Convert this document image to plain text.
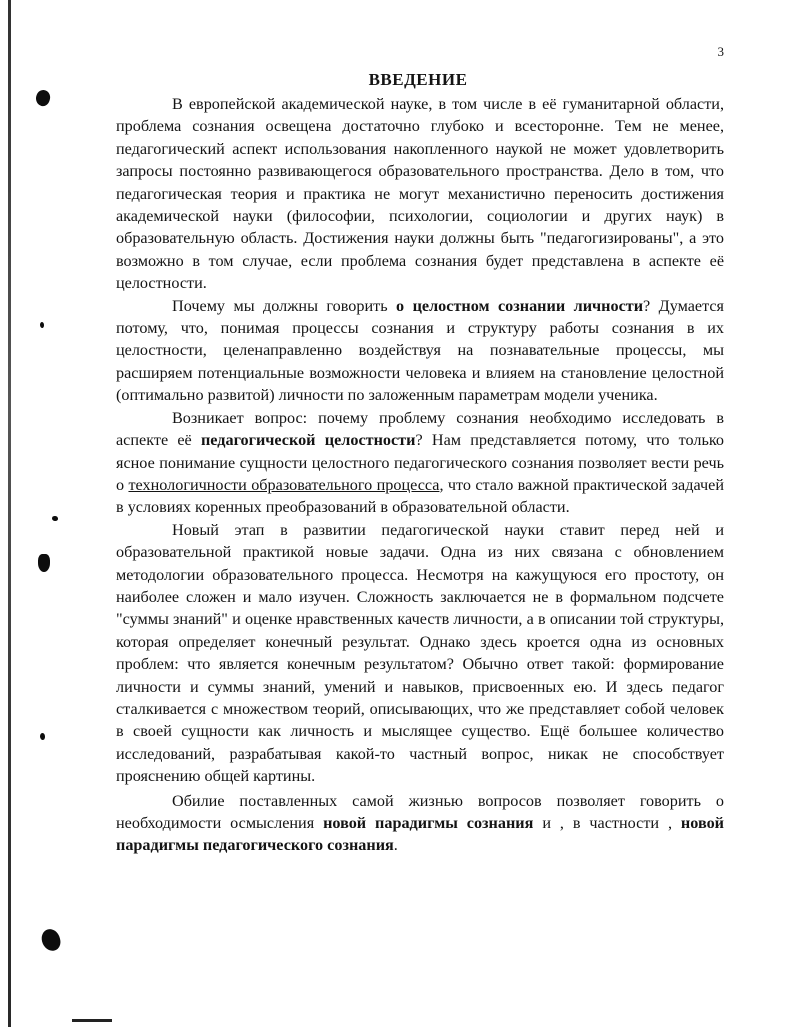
3
ВВЕДЕНИЕ

В европейской академической науке, в том числе в её гуманитарной области, проблема сознания освещена достаточно глубоко и всесторонне. Тем не менее, педагогический аспект использования накопленного наукой не может удовлетворить запросы постоянно развивающегося образовательного пространства. Дело в том, что педагогическая теория и практика не могут механистично переносить достижения академической науки (философии, психологии, социологии и других наук) в образовательную область. Достижения науки должны быть "педагогизированы", а это возможно в том случае, если проблема сознания будет представлена в аспекте её целостности.

Почему мы должны говорить о целостном сознании личности? Думается потому, что, понимая процессы сознания и структуру работы сознания в их целостности, целенаправленно воздействуя на познавательные процессы, мы расширяем потенциальные возможности человека и влияем на становление целостной (оптимально развитой) личности по заложенным параметрам модели ученика.

Возникает вопрос: почему проблему сознания необходимо исследовать в аспекте её педагогической целостности? Нам представляется потому, что только ясное понимание сущности целостного педагогического сознания позволяет вести речь о технологичности образовательного процесса, что стало важной практической задачей в условиях коренных преобразований в образовательной области.

Новый этап в развитии педагогической науки ставит перед ней и образовательной практикой новые задачи. Одна из них связана с обновлением методологии образовательного процесса. Несмотря на кажущуюся его простоту, он наиболее сложен и мало изучен. Сложность заключается не в формальном подсчете "суммы знаний" и оценке нравственных качеств личности, а в описании той структуры, которая определяет конечный результат. Однако здесь кроется одна из основных проблем: что является конечным результатом? Обычно ответ такой: формирование личности и суммы знаний, умений и навыков, присвоенных ею. И здесь педагог сталкивается с множеством теорий, описывающих, что же представляет собой человек в своей сущности как личность и мыслящее существо. Ещё большее количество исследований, разрабатывая какой-то частный вопрос, никак не способствует прояснению общей картины.

Обилие поставленных самой жизнью вопросов позволяет говорить о необходимости осмысления новой парадигмы сознания и , в частности , новой парадигмы педагогического сознания.
